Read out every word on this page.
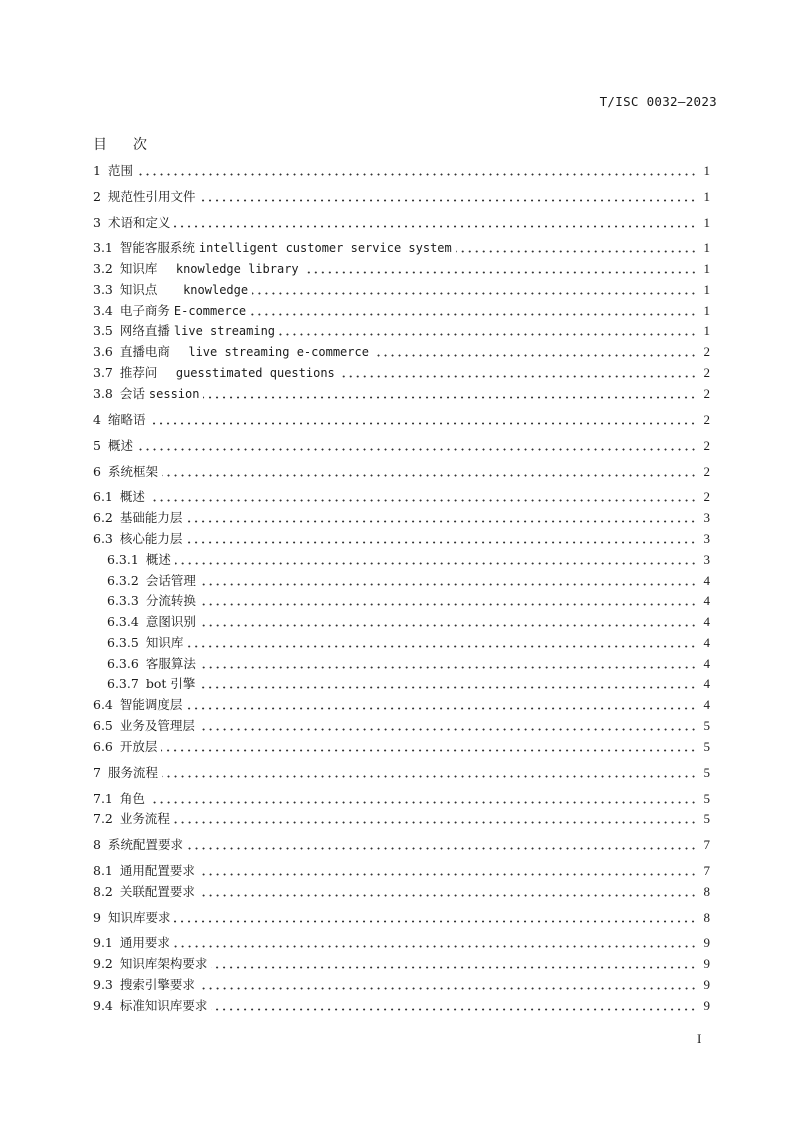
T/ISC 0032—2023
目 次
1 范围	1
2 规范性引用文件	1
3 术语和定义	1
3.1 智能客服系统 intelligent customer service system	1
3.2 知识库   knowledge library	1
3.3 知识点    knowledge	1
3.4 电子商务 E-commerce	1
3.5 网络直播 live streaming	1
3.6 直播电商   live streaming e-commerce	2
3.7 推荐问   guesstimated questions	2
3.8 会话 session	2
4 缩略语	2
5 概述	2
6 系统框架	2
6.1 概述	2
6.2 基础能力层	3
6.3 核心能力层	3
6.3.1 概述	3
6.3.2 会话管理	4
6.3.3 分流转换	4
6.3.4 意图识别	4
6.3.5 知识库	4
6.3.6 客服算法	4
6.3.7 bot 引擎	4
6.4 智能调度层	4
6.5 业务及管理层	5
6.6 开放层	5
7 服务流程	5
7.1 角色	5
7.2 业务流程	5
8 系统配置要求	7
8.1 通用配置要求	7
8.2 关联配置要求	8
9 知识库要求	8
9.1 通用要求	9
9.2 知识库架构要求	9
9.3 搜索引擎要求	9
9.4 标准知识库要求	9
I
